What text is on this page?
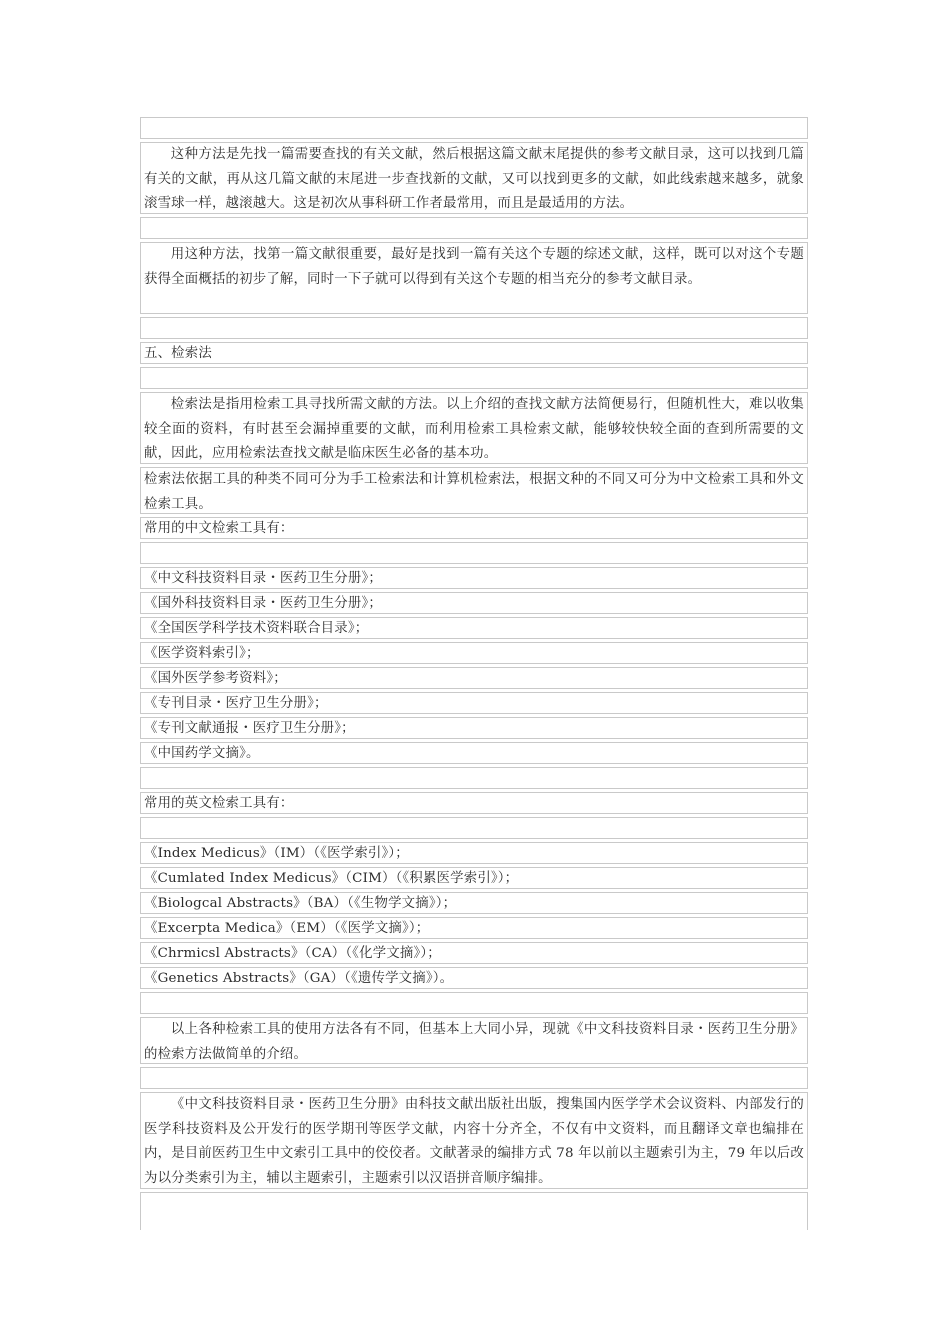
这种方法是先找一篇需要查找的有关文献，然后根据这篇文献末尾提供的参考文献目录，这可以找到几篇有关的文献，再从这几篇文献的末尾进一步查找新的文献，又可以找到更多的文献，如此线索越来越多，就象滚雪球一样，越滚越大。这是初次从事科研工作者最常用，而且是最适用的方法。
用这种方法，找第一篇文献很重要，最好是找到一篇有关这个专题的综述文献，这样，既可以对这个专题获得全面概括的初步了解，同时一下子就可以得到有关这个专题的相当充分的参考文献目录。
五、检索法
检索法是指用检索工具寻找所需文献的方法。以上介绍的查找文献方法简便易行，但随机性大，难以收集较全面的资料，有时甚至会漏掉重要的文献，而利用检索工具检索文献，能够较快较全面的查到所需要的文献，因此，应用检索法查找文献是临床医生必备的基本功。
检索法依据工具的种类不同可分为手工检索法和计算机检索法，根据文种的不同又可分为中文检索工具和外文检索工具。
常用的中文检索工具有：
《中文科技资料目录・医药卫生分册》；
《国外科技资料目录・医药卫生分册》；
《全国医学科学技术资料联合目录》；
《医学资料索引》；
《国外医学参考资料》；
《专刊目录・医疗卫生分册》；
《专刊文献通报・医疗卫生分册》；
《中国药学文摘》。
常用的英文检索工具有：
《Index Medicus》（IM）（《医学索引》）；
《Cumlated Index Medicus》（CIM）（《积累医学索引》）；
《Biologcal Abstracts》（BA）（《生物学文摘》）；
《Excerpta Medica》（EM）（《医学文摘》）；
《Chrmicsl Abstracts》（CA）（《化学文摘》）；
《Genetics Abstracts》（GA）（《遗传学文摘》）。
以上各种检索工具的使用方法各有不同，但基本上大同小异，现就《中文科技资料目录・医药卫生分册》的检索方法做简单的介绍。
《中文科技资料目录・医药卫生分册》由科技文献出版社出版，搜集国内医学学术会议资料、内部发行的医学科技资料及公开发行的医学期刊等医学文献，内容十分齐全，不仅有中文资料，而且翻译文章也编排在内，是目前医药卫生中文索引工具中的佼佼者。文献著录的编排方式 78 年以前以主题索引为主，79 年以后改为以分类索引为主，辅以主题索引，主题索引以汉语拼音顺序编排。
